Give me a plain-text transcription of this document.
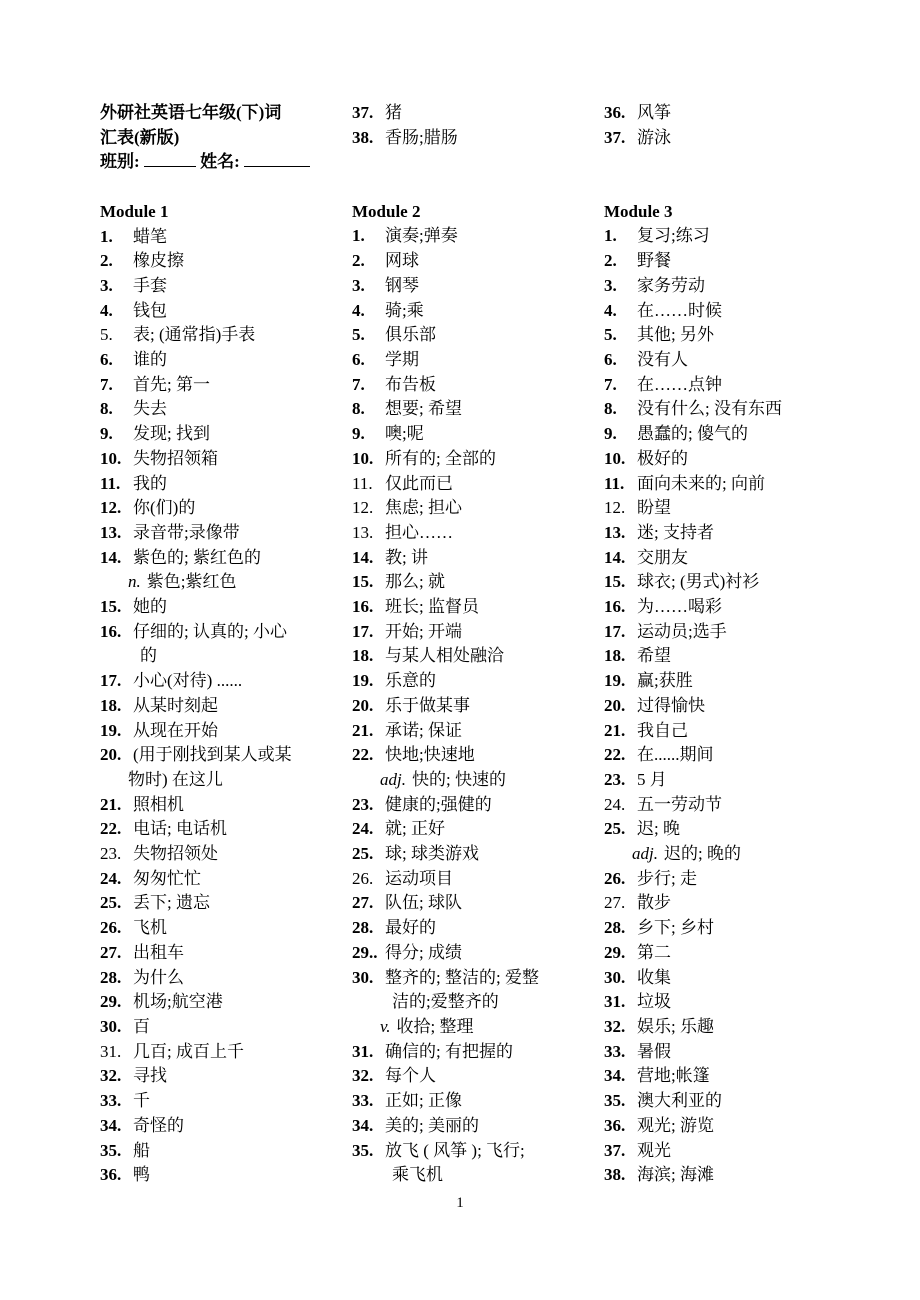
外研社英语七年级(下)词
汇表(新版)
班别:	姓名:
Module 1
1.	蜡笔
2.	橡皮擦
3.	手套
4.	钱包
5.	表; (通常指)手表
6.	谁的
7.	首先; 第一
8.	失去
9.	发现; 找到
10. 失物招领箱
11. 我的
12. 你(们)的
13. 录音带;录像带
14. 紫色的; 紫红色的
n. 紫色;紫红色
15. 她的
16. 仔细的; 认真的; 小心
的
17. 小心(对待) ......
18. 从某时刻起
19. 从现在开始
20. (用于刚找到某人或某
物时) 在这儿
21. 照相机
22. 电话; 电话机
23. 失物招领处
24. 匆匆忙忙
25. 丢下; 遗忘
26. 飞机
27. 出租车
28. 为什么
29. 机场;航空港
30. 百
31. 几百; 成百上千
32. 寻找
33. 千
34. 奇怪的
35. 船
36. 鸭
37. 猪
38. 香肠;腊肠
Module 2
1.	演奏;弹奏
2.	网球
3.	钢琴
4.	骑;乘
5.	俱乐部
6.	学期
7.	布告板
8.	想要; 希望
9.	噢;呢
10. 所有的; 全部的
11. 仅此而已
12. 焦虑; 担心
13. 担心……
14. 教; 讲
15. 那么; 就
16. 班长; 监督员
17. 开始; 开端
18. 与某人相处融洽
19. 乐意的
20. 乐于做某事
21. 承诺; 保证
22. 快地;快速地
adj. 快的; 快速的
23. 健康的;强健的
24. 就; 正好
25. 球; 球类游戏
26. 运动项目
27. 队伍; 球队
28. 最好的
29.. 得分; 成绩
30. 整齐的; 整洁的; 爱整
洁的;爱整齐的
v. 收拾; 整理
31. 确信的; 有把握的
32. 每个人
33. 正如; 正像
34. 美的; 美丽的
35. 放飞 ( 风筝 ); 飞行;
乘飞机
36. 风筝
37. 游泳
Module 3
1.	复习;练习
2.	野餐
3.	家务劳动
4.	在……时候
5.	其他; 另外
6.	没有人
7.	在……点钟
8.	没有什么; 没有东西
9.	愚蠢的; 傻气的
10. 极好的
11. 面向未来的; 向前
12. 盼望
13. 迷; 支持者
14. 交朋友
15. 球衣; (男式)衬衫
16. 为……喝彩
17. 运动员;选手
18. 希望
19. 赢;获胜
20. 过得愉快
21. 我自己
22. 在......期间
23. 5 月
24. 五一劳动节
25. 迟; 晚
adj. 迟的; 晚的
26. 步行; 走
27. 散步
28. 乡下; 乡村
29. 第二
30. 收集
31. 垃圾
32. 娱乐; 乐趣
33. 暑假
34. 营地;帐篷
35. 澳大利亚的
36. 观光; 游览
37. 观光
38. 海滨; 海滩
1
